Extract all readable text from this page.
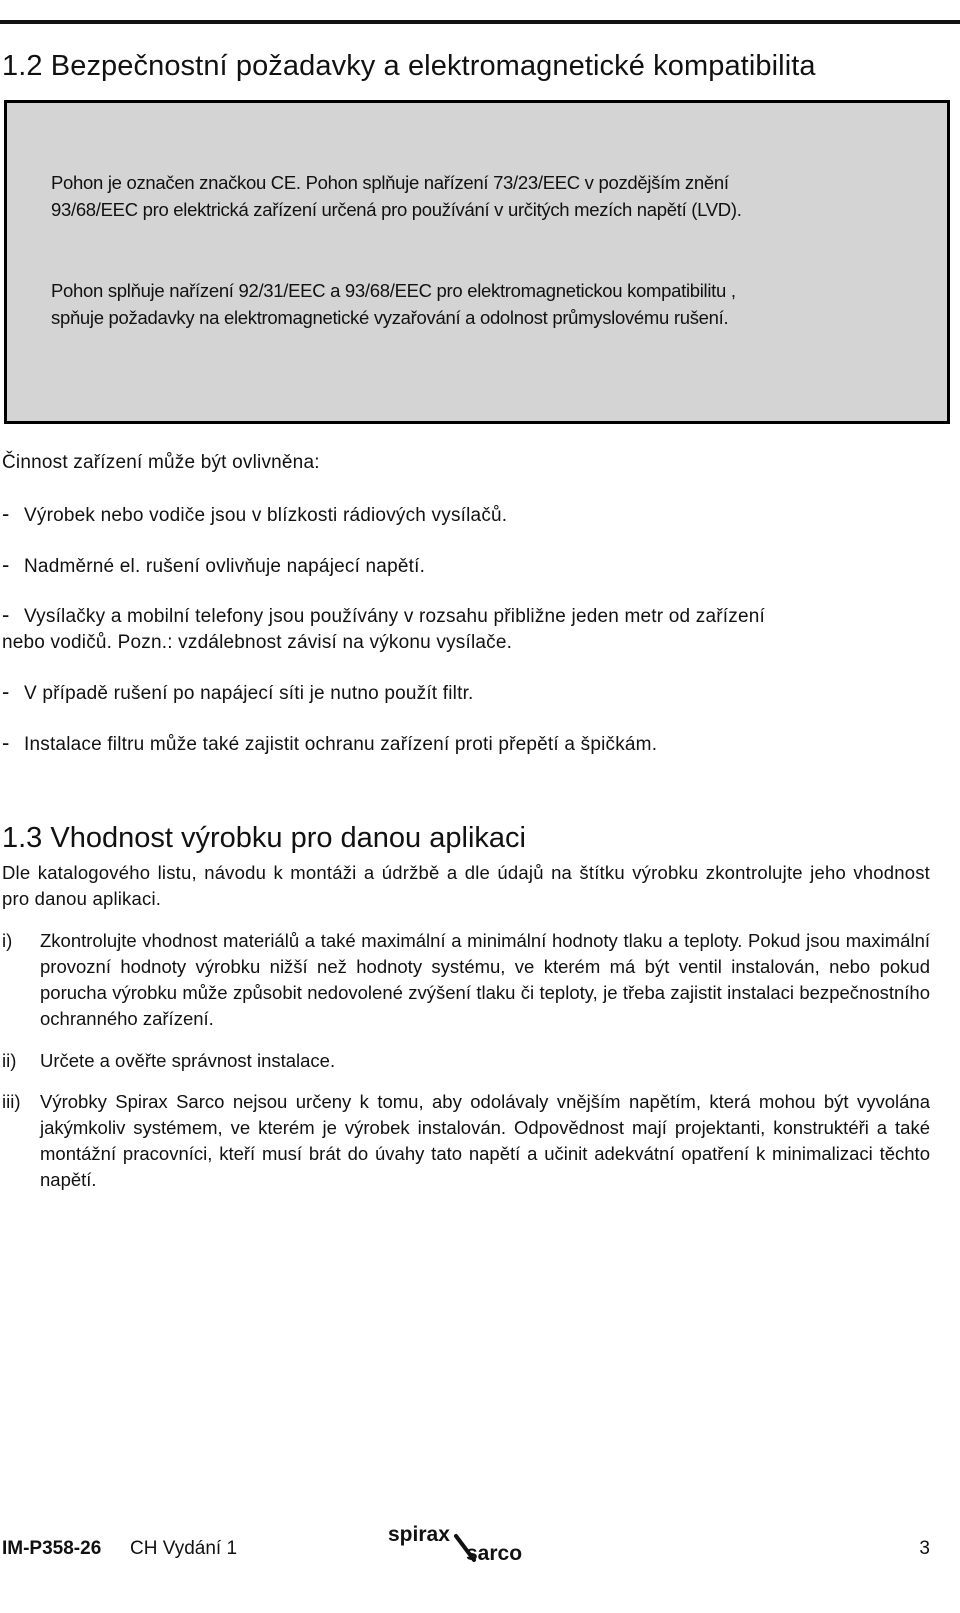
1.2 Bezpečnostní požadavky a elektromagnetické kompatibilita

Pohon je označen značkou CE. Pohon splňuje nařízení 73/23/EEC v pozdějším znění

93/68/EEC pro elektrická zařízení určená pro používání v určitých mezích napětí (LVD).

Pohon splňuje nařízení 92/31/EEC a 93/68/EEC pro elektromagnetickou kompatibilitu ,

spňuje požadavky na elektromagnetické vyzařování a odolnost průmyslovému rušení.

Činnost zařízení může být ovlivněna:

- Výrobek nebo vodiče jsou v blízkosti rádiových vysílačů.
- Nadměrné el. rušení ovlivňuje napájecí napětí.
- Vysílačky a mobilní telefony jsou používány v rozsahu přibližne jeden metr od zařízení
nebo vodičů. Pozn.: vzdálebnost závisí na výkonu vysílače.
- V případě rušení po napájecí síti je nutno použít filtr.
- Instalace filtru může také zajistit ochranu zařízení proti přepětí a špičkám.
1.3 Vhodnost výrobku pro danou aplikaci

Dle katalogového listu, návodu k montáži a údržbě a dle údajů na štítku výrobku zkontrolujte jeho vhodnost pro danou aplikaci.

i) Zkontrolujte vhodnost materiálů a také maximální a minimální hodnoty tlaku a teploty. Pokud jsou maximální provozní hodnoty výrobku nižší než hodnoty systému, ve kterém má být ventil instalován, nebo pokud porucha výrobku může způsobit nedovolené zvýšení tlaku či teploty, je třeba zajistit instalaci bezpečnostního ochranného zařízení.
ii) Určete a ověřte správnost instalace.
iii) Výrobky Spirax Sarco nejsou určeny k tomu, aby odolávaly vnějším napětím, která mohou být vyvolána jakýmkoliv systémem, ve kterém je výrobek instalován. Odpovědnost mají projektanti, konstruktéři a také montážní pracovníci, kteří musí brát do úvahy tato napětí a učinit adekvátní opatření k minimalizaci těchto napětí.
IM-P358-26 CH Vydání 1
spirax
sarco	3
